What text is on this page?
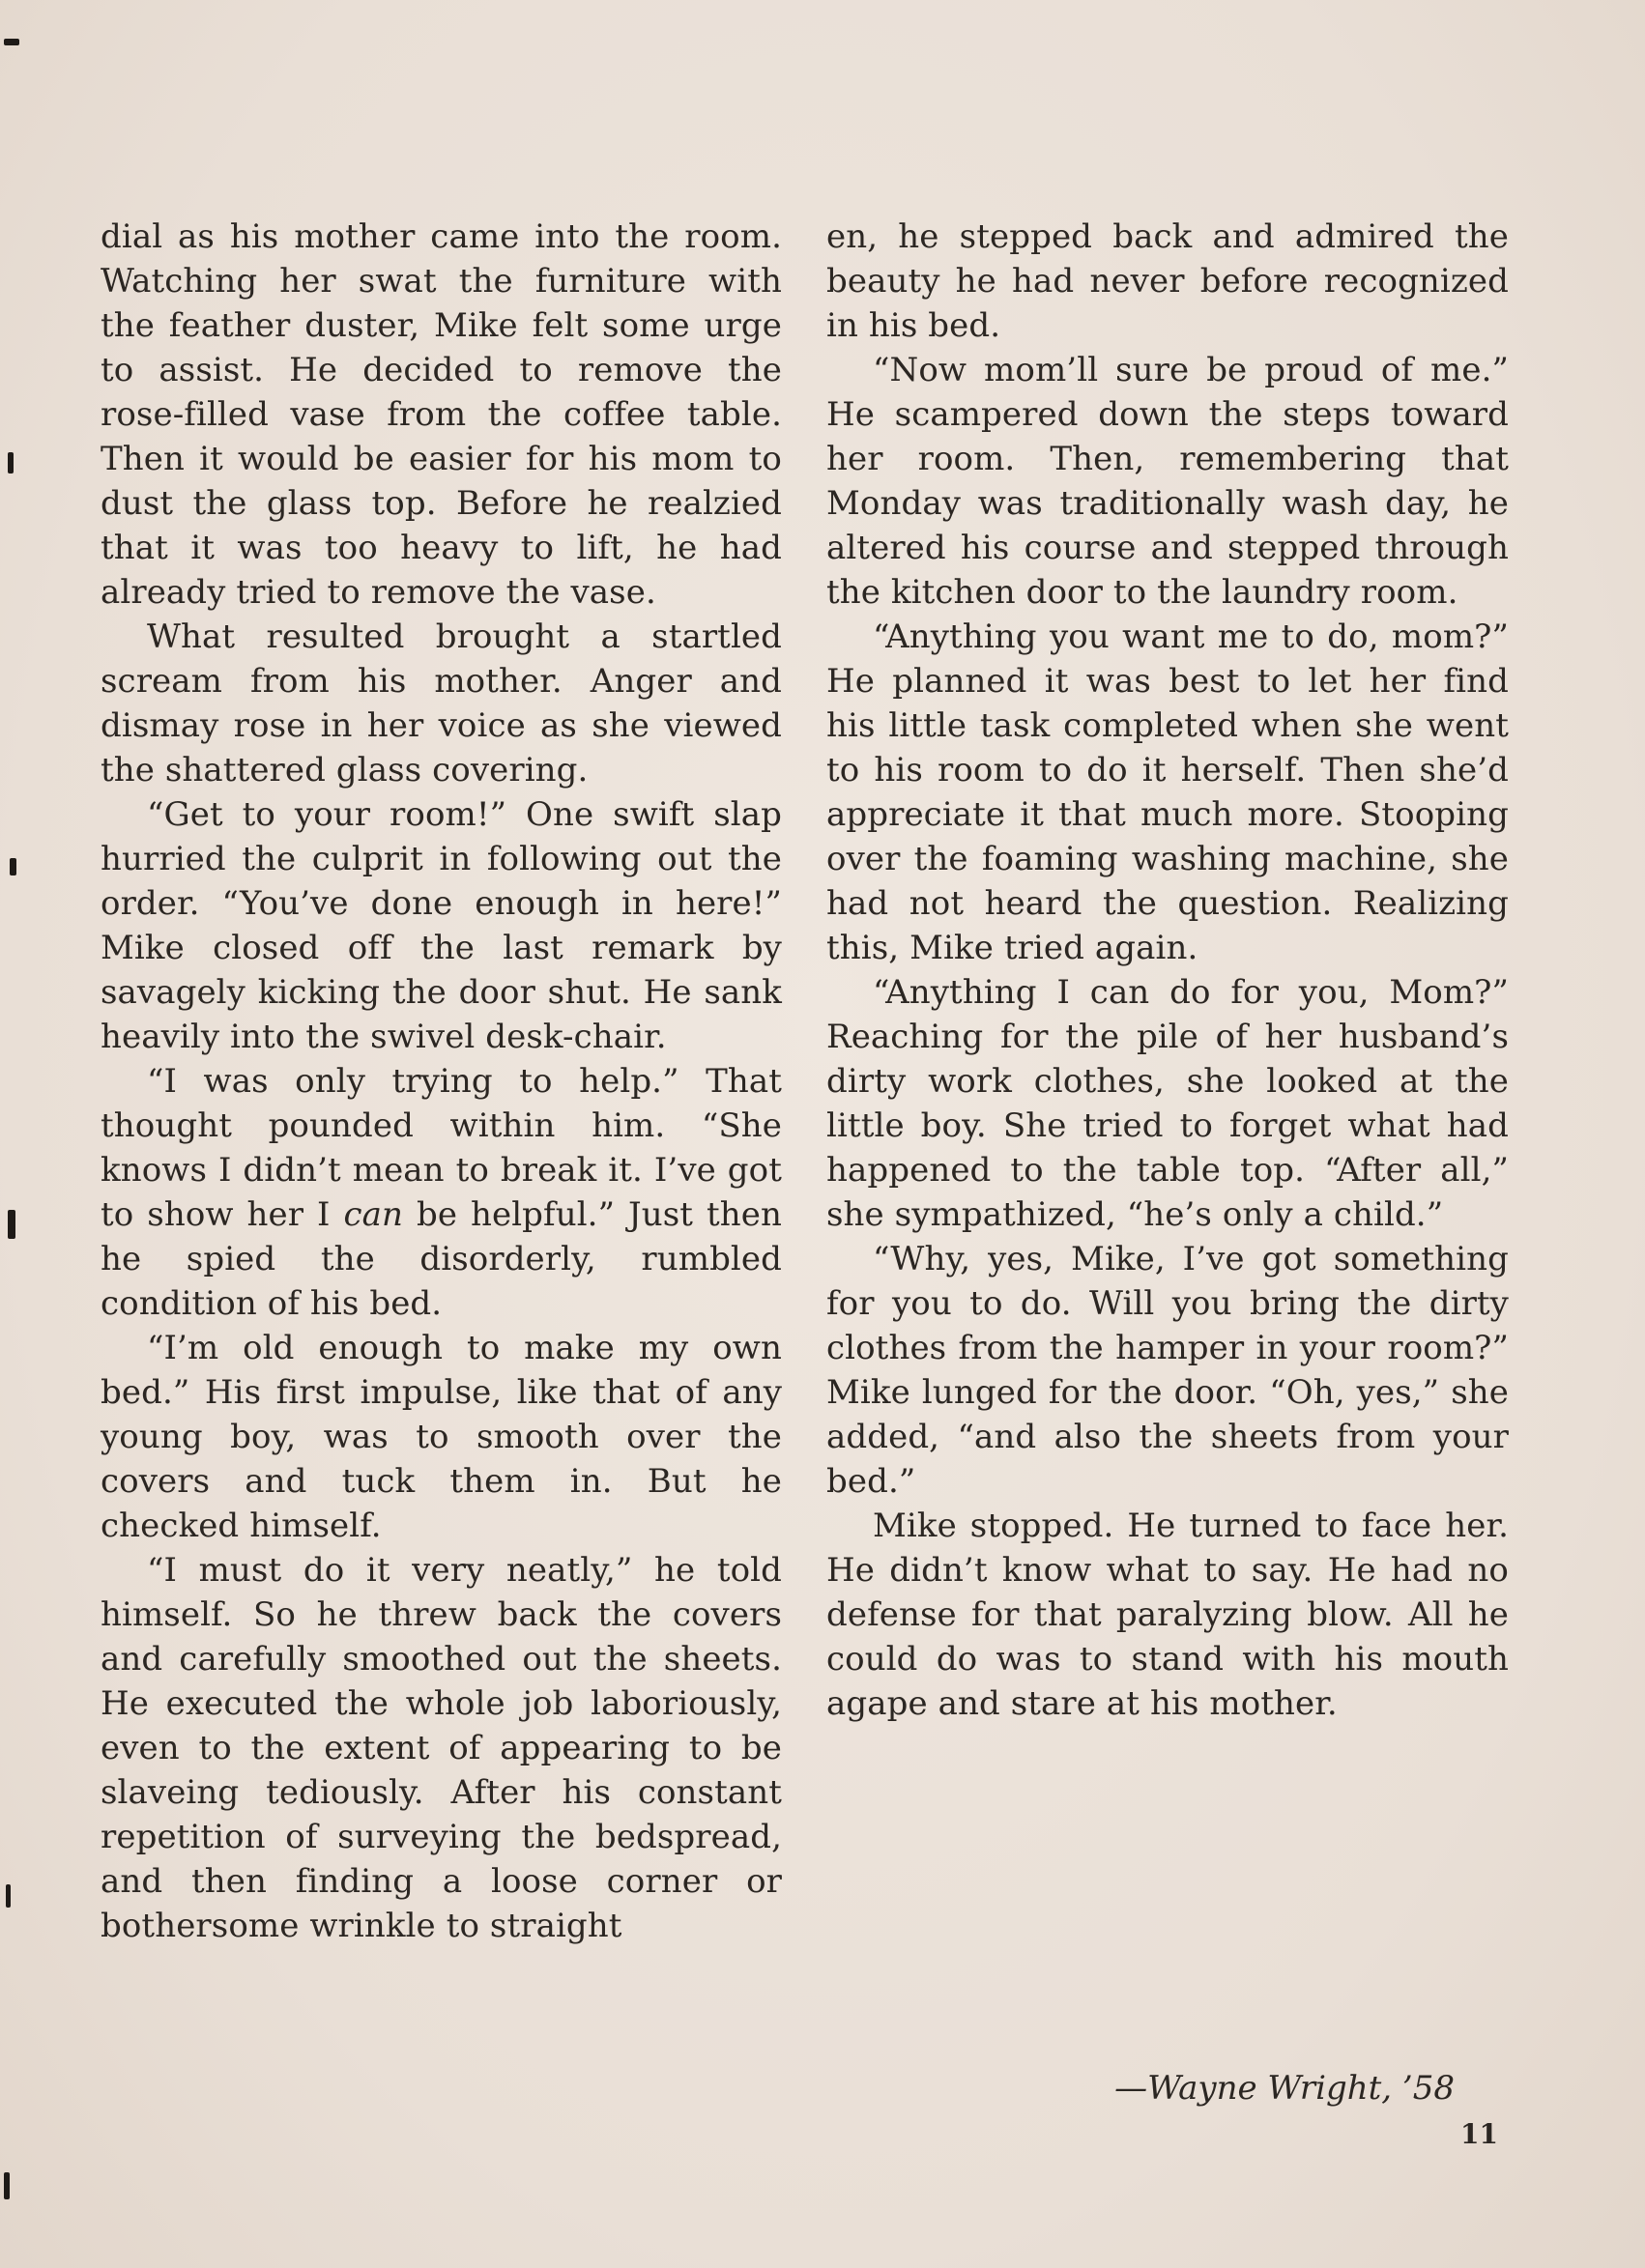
dial as his mother came into the room. Watching her swat the furniture with the feather duster, Mike felt some urge to assist. He decided to remove the rose-filled vase from the coffee table. Then it would be easier for his mom to dust the glass top. Before he realzied that it was too heavy to lift, he had already tried to remove the vase.

What resulted brought a startled scream from his mother. Anger and dismay rose in her voice as she viewed the shattered glass covering.

“Get to your room!” One swift slap hurried the culprit in following out the order. “You’ve done enough in here!” Mike closed off the last remark by savagely kicking the door shut. He sank heavily into the swivel desk-chair.

“I was only trying to help.” That thought pounded within him. “She knows I didn’t mean to break it. I’ve got to show her I can be helpful.” Just then he spied the disorderly, rumbled condition of his bed.

“I’m old enough to make my own bed.” His first impulse, like that of any young boy, was to smooth over the covers and tuck them in. But he checked himself.

“I must do it very neatly,” he told himself. So he threw back the covers and carefully smoothed out the sheets. He executed the whole job laboriously, even to the extent of appearing to be slaveing tediously. After his constant repetition of surveying the bedspread, and then finding a loose corner or bothersome wrinkle to straight

en, he stepped back and admired the beauty he had never before recognized in his bed.

“Now mom’ll sure be proud of me.” He scampered down the steps toward her room. Then, remembering that Monday was traditionally wash day, he altered his course and stepped through the kitchen door to the laundry room.

“Anything you want me to do, mom?” He planned it was best to let her find his little task completed when she went to his room to do it herself. Then she’d appreciate it that much more. Stooping over the foaming washing machine, she had not heard the question. Realizing this, Mike tried again.

“Anything I can do for you, Mom?” Reaching for the pile of her husband’s dirty work clothes, she looked at the little boy. She tried to forget what had happened to the table top. “After all,” she sympathized, “he’s only a child.”

“Why, yes, Mike, I’ve got something for you to do. Will you bring the dirty clothes from the hamper in your room?” Mike lunged for the door. “Oh, yes,” she added, “and also the sheets from your bed.”

Mike stopped. He turned to face her. He didn’t know what to say. He had no defense for that paralyzing blow. All he could do was to stand with his mouth agape and stare at his mother.

—Wayne Wright, ’58
11
